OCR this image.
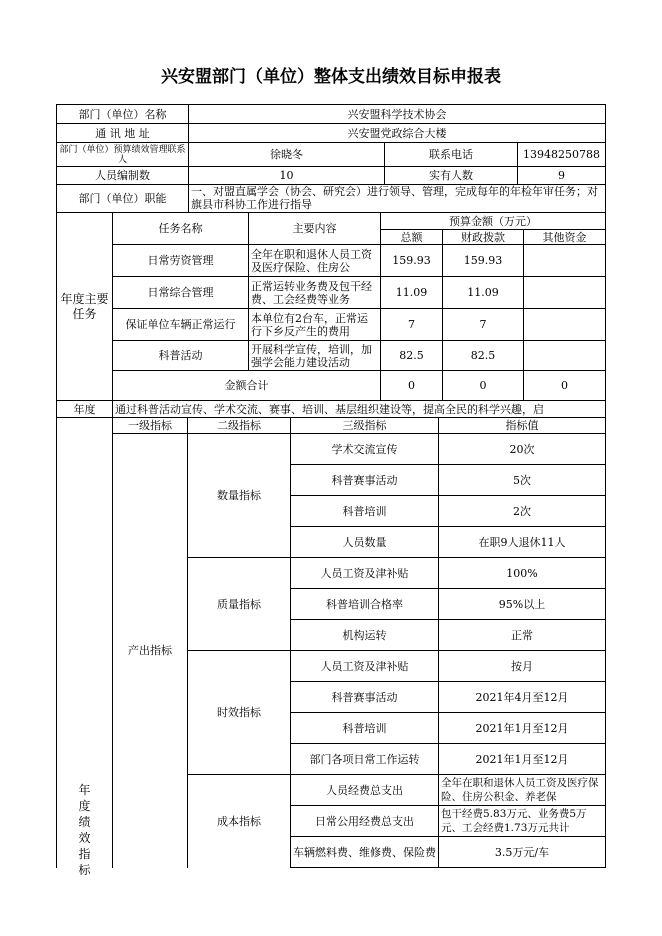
兴安盟部门（单位）整体支出绩效目标申报表
部门（单位）名称	兴安盟科学技术协会		
通 讯 地 址	兴安盟党政综合大楼		
部门（单位）预算绩效管理联系人	徐晓冬	联系电话	13948250788
人员编制数	10	实有人数	9
部门（单位）职能	一、对盟直属学会（协会、研究会）进行领导、管理，完成每年的年检年审任务；对旗县市科协工作进行指导		
年度主要任务	任务名称	主要内容	预算金额（万元）		
			总额	财政拨款	其他资金
	日常劳资管理	全年在职和退休人员工资及医疗保险、住房公	159.93	159.93	
	日常综合管理	正常运转业务费及包干经费、工会经费等业务	11.09	11.09	
	保证单位车辆正常运行	本单位有2台车，正常运行下乡反产生的费用	7	7	
	科普活动	开展科学宣传，培训，加强学会能力建设活动	82.5	82.5	
	金额合计		0	0	0
年度	通过科普活动宣传、学术交流、赛事、培训、基层组织建设等，提高全民的科学兴趣，启
年度绩效指标	一级指标	二级指标	三级指标	指标值
	产出指标	数量指标	学术交流宣传	20次
			科普赛事活动	5次
			科普培训	2次
			人员数量	在职9人退休11人
		质量指标	人员工资及津补贴	100%
			科普培训合格率	95%以上
			机构运转	正常
		时效指标	人员工资及津补贴	按月
			科普赛事活动	2021年4月至12月
			科普培训	2021年1月至12月
			部门各项日常工作运转	2021年1月至12月
		成本指标	人员经费总支出	全年在职和退休人员工资及医疗保险、住房公积金、养老保

			日常公用经费总支出	包干经费5.83万元、业务费5万元、工会经费1.73万元共计

			车辆燃料费、维修费、保险费	3.5万元/车
